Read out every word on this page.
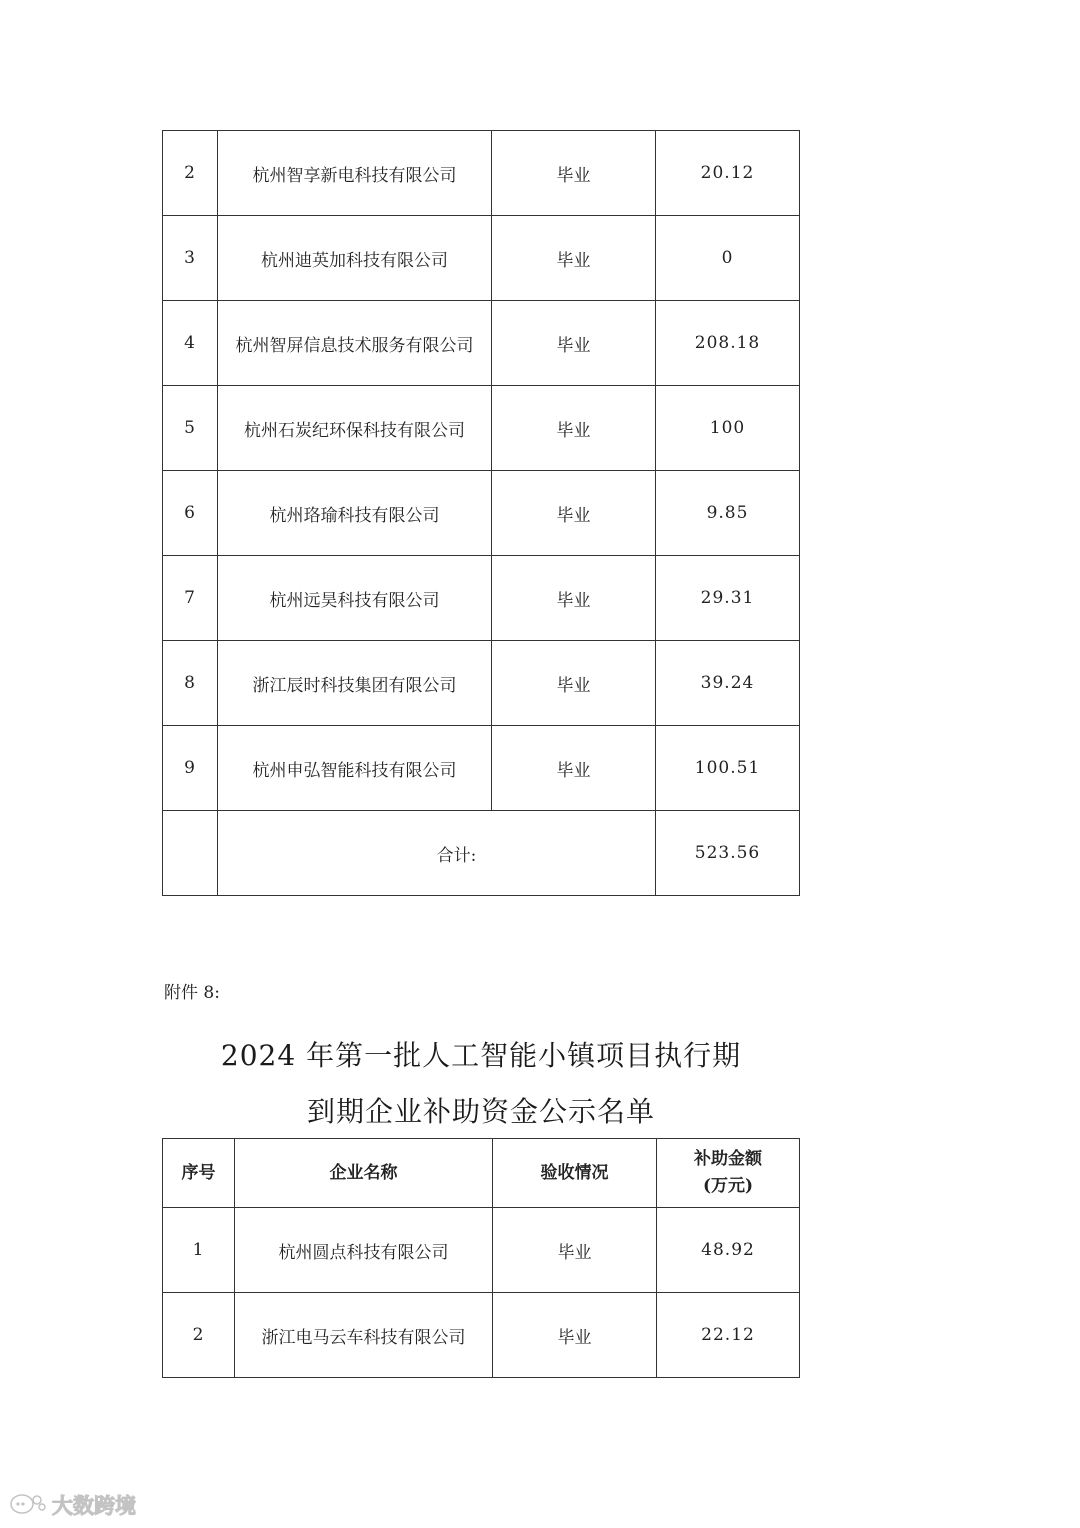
2	杭州智享新电科技有限公司	毕业	20.12
3	杭州迪英加科技有限公司	毕业	0
4	杭州智屏信息技术服务有限公司	毕业	208.18
5	杭州石炭纪环保科技有限公司	毕业	100
6	杭州珞瑜科技有限公司	毕业	9.85
7	杭州远昊科技有限公司	毕业	29.31
8	浙江辰时科技集团有限公司	毕业	39.24
9	杭州申弘智能科技有限公司	毕业	100.51
	合计:		523.56
附件 8:
2024 年第一批人工智能小镇项目执行期
到期企业补助资金公示名单
序号	企业名称	验收情况	补助金额
(万元)

1	杭州圆点科技有限公司	毕业	48.92
2	浙江电马云车科技有限公司	毕业	22.12
大数跨境
